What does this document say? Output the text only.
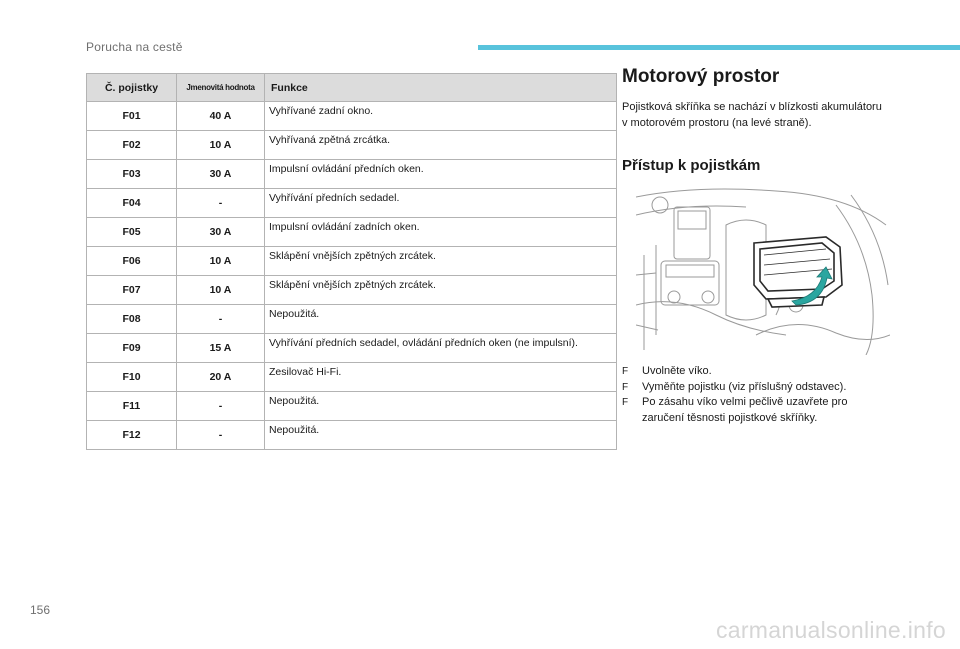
Porucha na cestě
Č. pojistky	Jmenovitá hodnota	Funkce
F01	40 A	Vyhřívané zadní okno.
F02	10 A	Vyhřívaná zpětná zrcátka.
F03	30 A	Impulsní ovládání předních oken.
F04	-	Vyhřívání předních sedadel.
F05	30 A	Impulsní ovládání zadních oken.
F06	10 A	Sklápění vnějších zpětných zrcátek.
F07	10 A	Sklápění vnějších zpětných zrcátek.
F08	-	Nepoužitá.
F09	15 A	Vyhřívání předních sedadel, ovládání předních oken (ne impulsní).
F10	20 A	Zesilovač Hi-Fi.
F11	-	Nepoužitá.
F12	-	Nepoužitá.
Motorový prostor

Pojistková skříňka se nachází v blízkosti akumulátoru v motorovém prostoru (na levé straně).

Přístup k pojistkám
F Uvolněte víko.
F Vyměňte pojistku (viz příslušný odstavec).
F Po zásahu víko velmi pečlivě uzavřete pro zaručení těsnosti pojistkové skříňky.
156
carmanualsonline.info
